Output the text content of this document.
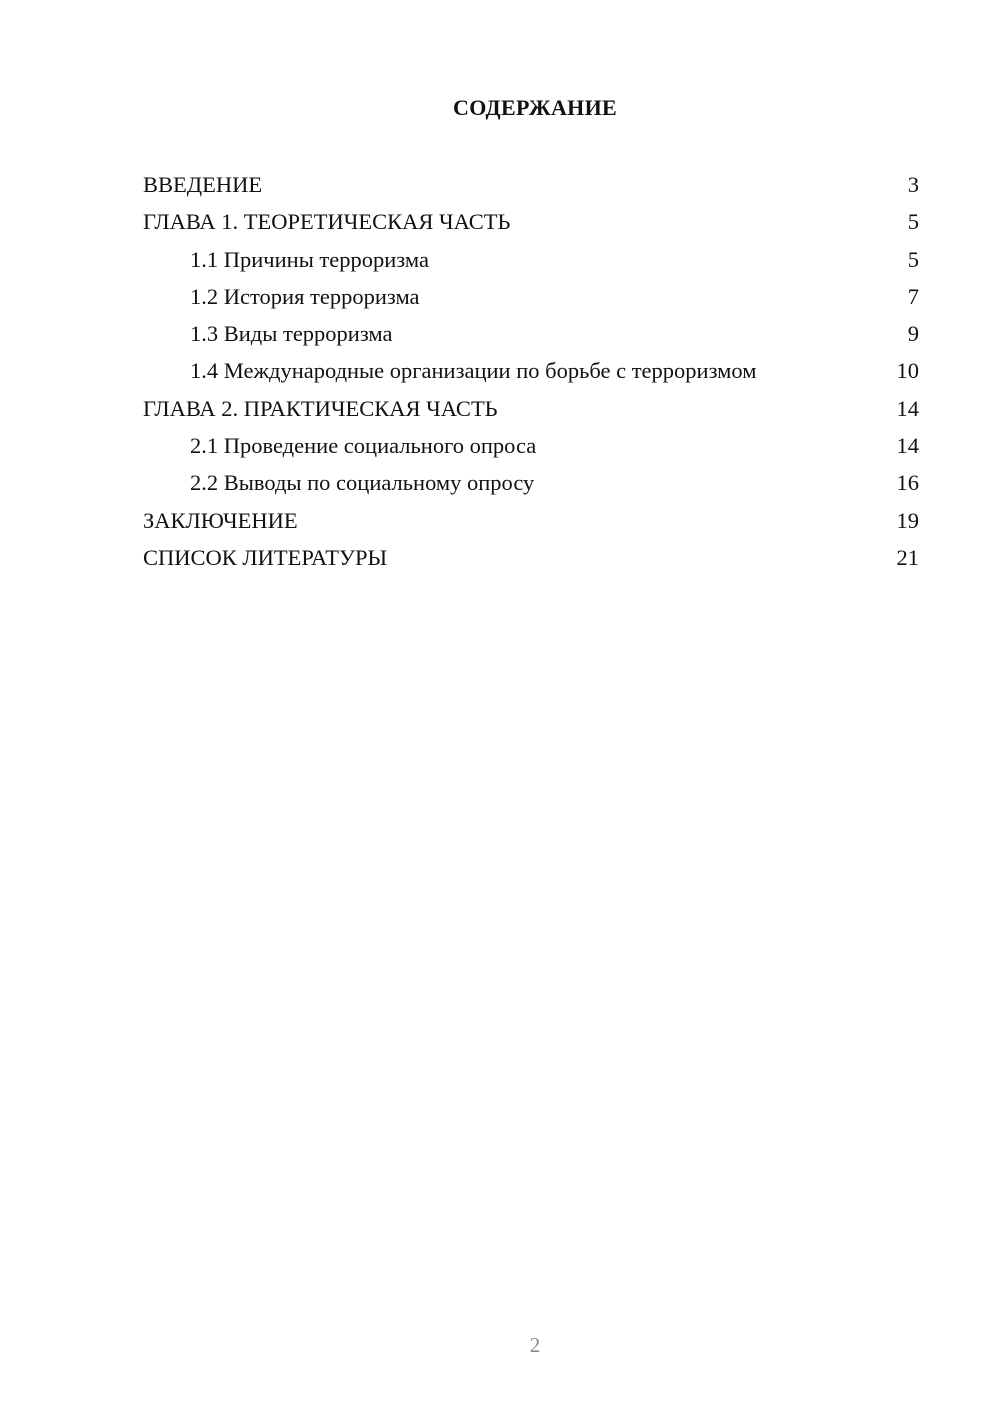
СОДЕРЖАНИЕ
ВВЕДЕНИЕ	3
ГЛАВА 1. ТЕОРЕТИЧЕСКАЯ ЧАСТЬ	5
1.1 Причины терроризма	5
1.2 История терроризма	7
1.3 Виды терроризма	9
1.4 Международные организации по борьбе с терроризмом	10
ГЛАВА 2. ПРАКТИЧЕСКАЯ ЧАСТЬ	14
2.1 Проведение социального опроса	14
2.2 Выводы по социальному опросу	16
ЗАКЛЮЧЕНИЕ	19
СПИСОК ЛИТЕРАТУРЫ	21
2
